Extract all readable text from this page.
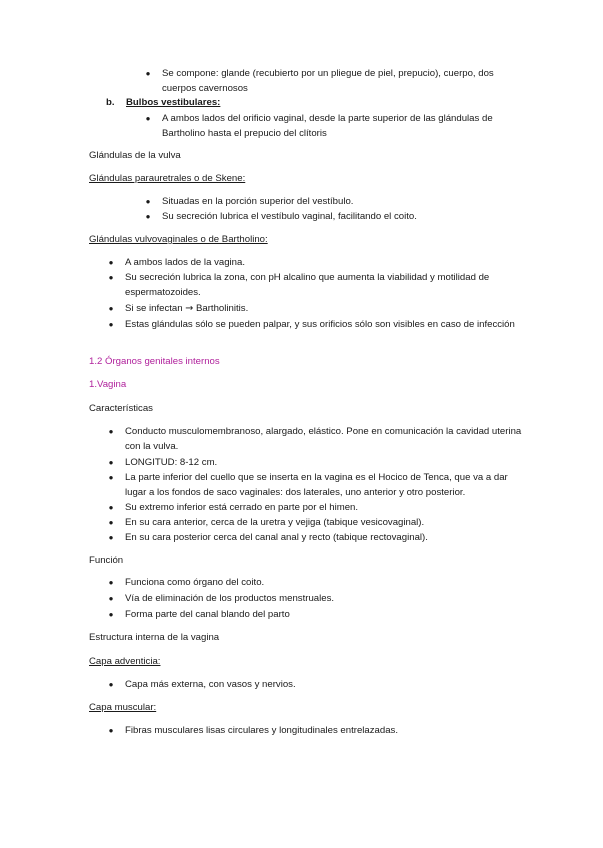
●	Se compone: glande (recubierto por un pliegue de piel, prepucio), cuerpo, dos cuerpos cavernosos
b. Bulbos vestibulares:
●	A ambos lados del orificio vaginal, desde la parte superior de las glándulas de Bartholino hasta el prepucio del clítoris
Glándulas de la vulva
Glándulas parauretrales o de Skene:
●	Situadas en la porción superior del vestíbulo.
●	Su secreción lubrica el vestíbulo vaginal, facilitando el coito.
Glándulas vulvovaginales o de Bartholino:
●	A ambos lados de la vagina.
●	Su secreción lubrica la zona, con pH alcalino que aumenta la viabilidad y motilidad de espermatozoides.
●	Si se infectan → Bartholinitis.
●	Estas glándulas sólo se pueden palpar, y sus orificios sólo son visibles en caso de infección
1.2 Órganos genitales internos
1.Vagina
Características
●	Conducto musculomembranoso, alargado, elástico. Pone en comunicación la cavidad uterina con la vulva.
●	LONGITUD: 8-12 cm.
●	La parte inferior del cuello que se inserta en la vagina es el Hocico de Tenca, que va a dar lugar a los fondos de saco vaginales: dos laterales, uno anterior y otro posterior.
●	Su extremo inferior está cerrado en parte por el himen.
●	En su cara anterior, cerca de la uretra y vejiga (tabique vesicovaginal).
●	En su cara posterior cerca del canal anal y recto (tabique rectovaginal).
Función
●	Funciona como órgano del coito.
●	Vía de eliminación de los productos menstruales.
●	Forma parte del canal blando del parto
Estructura interna de la vagina
Capa adventicia:
●	Capa más externa, con vasos y nervios.
Capa muscular:
●	Fibras musculares lisas circulares y longitudinales entrelazadas.
